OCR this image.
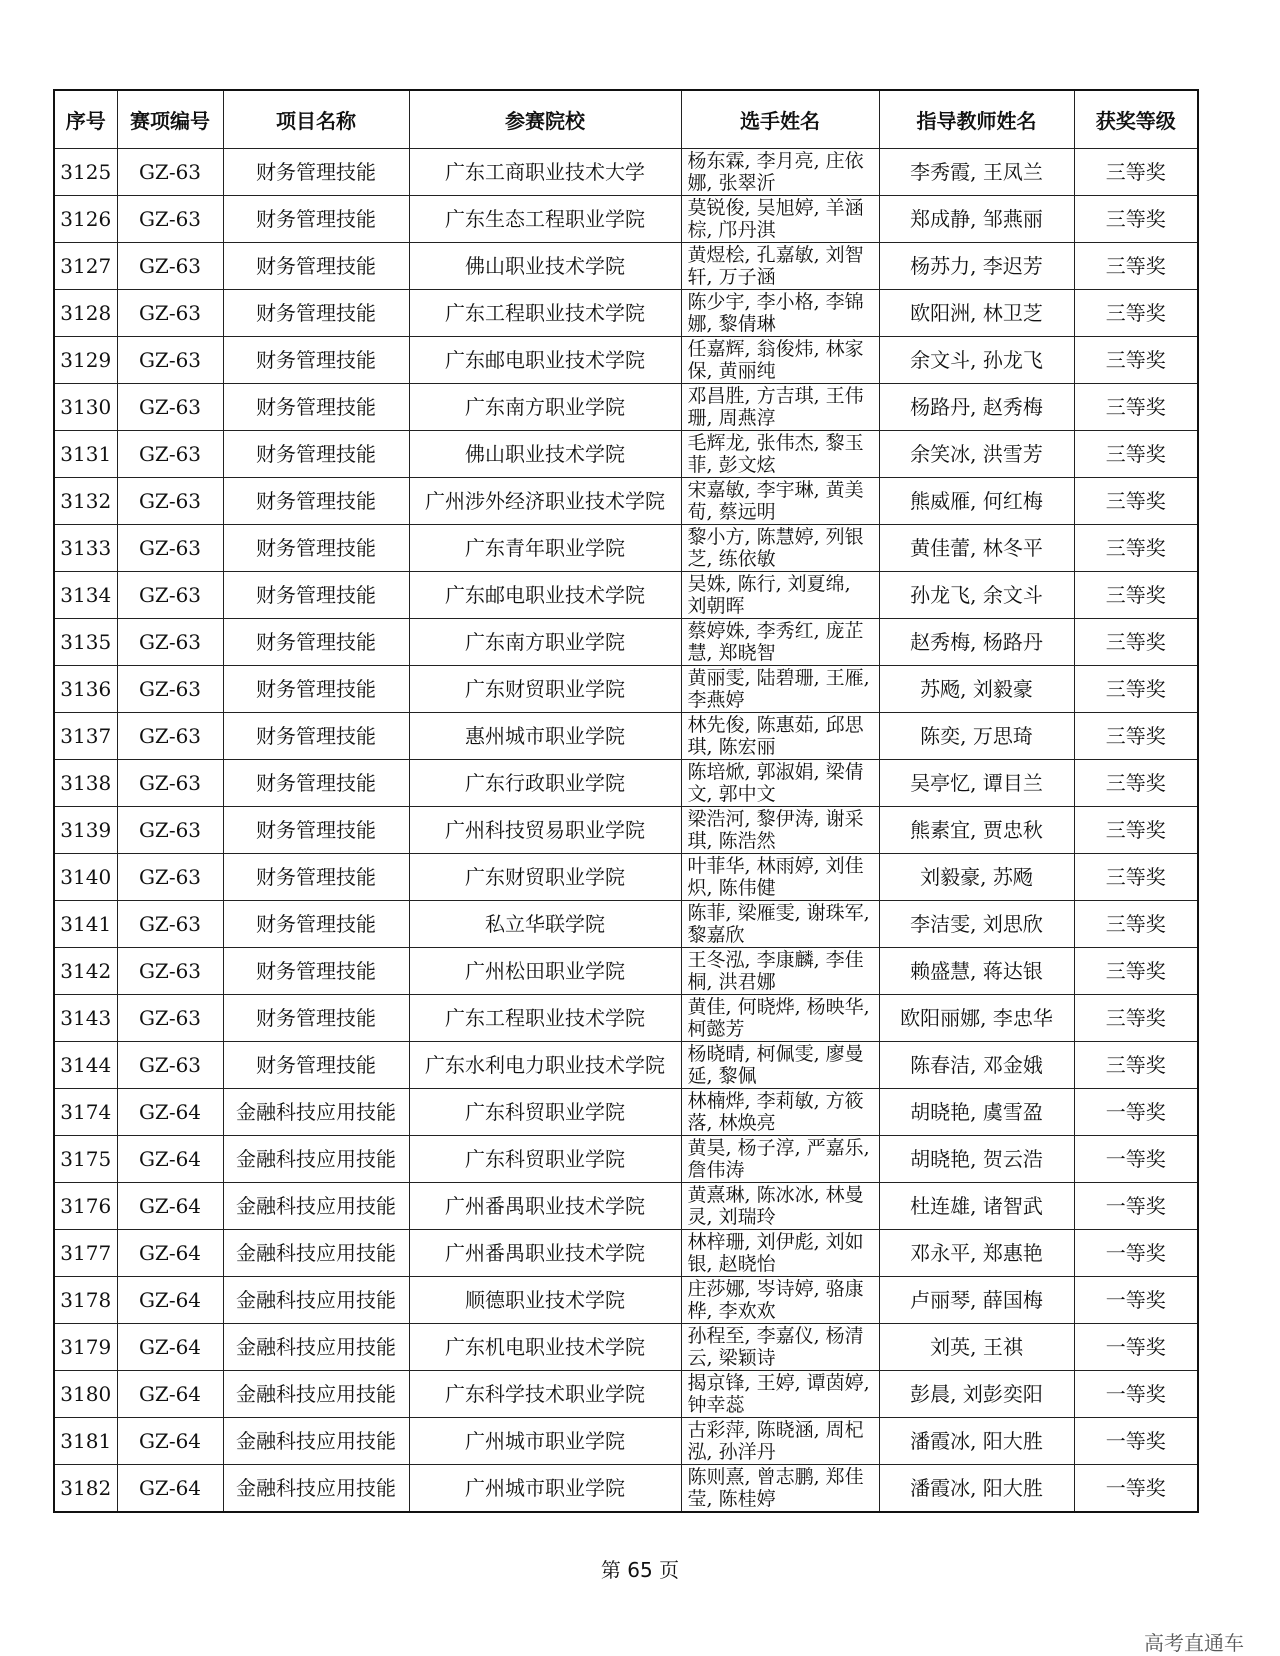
序号	赛项编号	项目名称	参赛院校	选手姓名	指导教师姓名	获奖等级
3125	GZ-63	财务管理技能	广东工商职业技术大学	杨东霖, 李月亮, 庄依娜, 张翠沂	李秀霞, 王凤兰	三等奖
3126	GZ-63	财务管理技能	广东生态工程职业学院	莫锐俊, 吴旭婷, 羊涵棕, 邝丹淇	郑成静, 邹燕丽	三等奖
3127	GZ-63	财务管理技能	佛山职业技术学院	黄煜桧, 孔嘉敏, 刘智轩, 万子涵	杨苏力, 李迟芳	三等奖
3128	GZ-63	财务管理技能	广东工程职业技术学院	陈少宇, 李小格, 李锦娜, 黎倩琳	欧阳洲, 林卫芝	三等奖
3129	GZ-63	财务管理技能	广东邮电职业技术学院	任嘉辉, 翁俊炜, 林家保, 黄丽纯	余文斗, 孙龙飞	三等奖
3130	GZ-63	财务管理技能	广东南方职业学院	邓昌胜, 方吉琪, 王伟珊, 周燕淳	杨路丹, 赵秀梅	三等奖
3131	GZ-63	财务管理技能	佛山职业技术学院	毛辉龙, 张伟杰, 黎玉菲, 彭文炫	余笑冰, 洪雪芳	三等奖
3132	GZ-63	财务管理技能	广州涉外经济职业技术学院	宋嘉敏, 李宇琳, 黄美荀, 蔡远明	熊威雁, 何红梅	三等奖
3133	GZ-63	财务管理技能	广东青年职业学院	黎小方, 陈慧婷, 列银芝, 练依敏	黄佳蕾, 林冬平	三等奖
3134	GZ-63	财务管理技能	广东邮电职业技术学院	吴姝, 陈行, 刘夏绵, 刘朝晖	孙龙飞, 余文斗	三等奖
3135	GZ-63	财务管理技能	广东南方职业学院	蔡婷姝, 李秀红, 庞芷慧, 郑晓智	赵秀梅, 杨路丹	三等奖
3136	GZ-63	财务管理技能	广东财贸职业学院	黄丽雯, 陆碧珊, 王雁, 李燕婷	苏飏, 刘毅豪	三等奖
3137	GZ-63	财务管理技能	惠州城市职业学院	林先俊, 陈惠茹, 邱思琪, 陈宏丽	陈奕, 万思琦	三等奖
3138	GZ-63	财务管理技能	广东行政职业学院	陈培焮, 郭淑娟, 梁倩文, 郭中文	吴亭忆, 谭目兰	三等奖
3139	GZ-63	财务管理技能	广州科技贸易职业学院	梁浩河, 黎伊涛, 谢采琪, 陈浩然	熊素宜, 贾忠秋	三等奖
3140	GZ-63	财务管理技能	广东财贸职业学院	叶菲华, 林雨婷, 刘佳炽, 陈伟健	刘毅豪, 苏飏	三等奖
3141	GZ-63	财务管理技能	私立华联学院	陈菲, 梁雁雯, 谢珠军, 黎嘉欣	李洁雯, 刘思欣	三等奖
3142	GZ-63	财务管理技能	广州松田职业学院	王冬泓, 李康麟, 李佳桐, 洪君娜	赖盛慧, 蒋达银	三等奖
3143	GZ-63	财务管理技能	广东工程职业技术学院	黄佳, 何晓烨, 杨映华, 柯懿芳	欧阳丽娜, 李忠华	三等奖
3144	GZ-63	财务管理技能	广东水利电力职业技术学院	杨晓晴, 柯佩雯, 廖曼延, 黎佩	陈春洁, 邓金娥	三等奖
3174	GZ-64	金融科技应用技能	广东科贸职业学院	林楠烨, 李莉敏, 方筱落, 林焕亮	胡晓艳, 虞雪盈	一等奖
3175	GZ-64	金融科技应用技能	广东科贸职业学院	黄昊, 杨子淳, 严嘉乐, 詹伟涛	胡晓艳, 贺云浩	一等奖
3176	GZ-64	金融科技应用技能	广州番禺职业技术学院	黄熹琳, 陈冰冰, 林曼灵, 刘瑞玲	杜连雄, 诸智武	一等奖
3177	GZ-64	金融科技应用技能	广州番禺职业技术学院	林梓珊, 刘伊彪, 刘如银, 赵晓怡	邓永平, 郑惠艳	一等奖
3178	GZ-64	金融科技应用技能	顺德职业技术学院	庄莎娜, 岑诗婷, 骆康桦, 李欢欢	卢丽琴, 薛国梅	一等奖
3179	GZ-64	金融科技应用技能	广东机电职业技术学院	孙程至, 李嘉仪, 杨清云, 梁颖诗	刘英, 王祺	一等奖
3180	GZ-64	金融科技应用技能	广东科学技术职业学院	揭京锋, 王婷, 谭茵婷, 钟幸蕊	彭晨, 刘彭奕阳	一等奖
3181	GZ-64	金融科技应用技能	广州城市职业学院	古彩萍, 陈晓涵, 周杞泓, 孙洋丹	潘霞冰, 阳大胜	一等奖
3182	GZ-64	金融科技应用技能	广州城市职业学院	陈则熹, 曾志鹏, 郑佳莹, 陈桂婷	潘霞冰, 阳大胜	一等奖
第 65 页
高考直通车
